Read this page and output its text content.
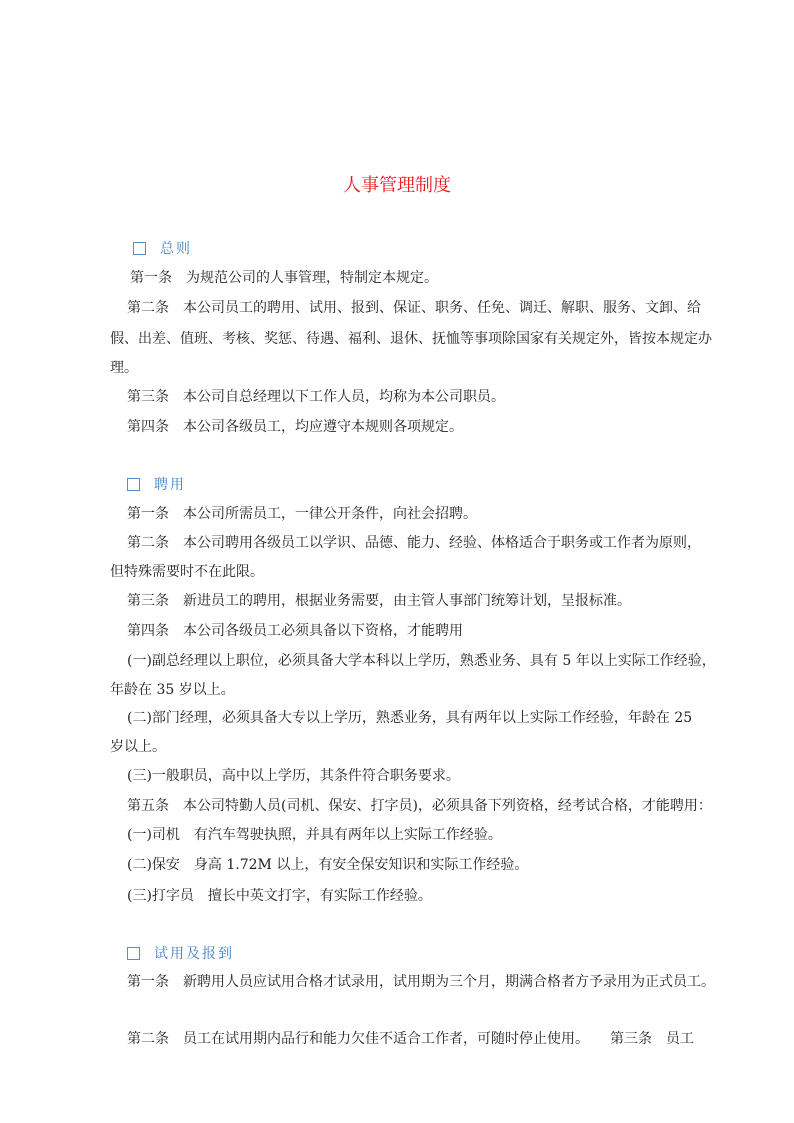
人事管理制度
总则
第一条　为规范公司的人事管理，特制定本规定。
第二条　本公司员工的聘用、试用、报到、保证、职务、任免、调迁、解职、服务、文卸、给
假、出差、值班、考核、奖惩、待遇、福利、退休、抚恤等事项除国家有关规定外，皆按本规定办
理。
第三条　本公司自总经理以下工作人员，均称为本公司职员。
第四条　本公司各级员工，均应遵守本规则各项规定。
聘用
第一条　本公司所需员工，一律公开条件，向社会招聘。
第二条　本公司聘用各级员工以学识、品德、能力、经验、体格适合于职务或工作者为原则，
但特殊需要时不在此限。
第三条　新进员工的聘用，根据业务需要，由主管人事部门统筹计划，呈报标准。
第四条　本公司各级员工必须具备以下资格，才能聘用
(一)副总经理以上职位，必须具备大学本科以上学历，熟悉业务、具有 5 年以上实际工作经验，
年龄在 35 岁以上。
(二)部门经理，必须具备大专以上学历，熟悉业务，具有两年以上实际工作经验，年龄在 25
岁以上。
(三)一般职员，高中以上学历，其条件符合职务要求。
第五条　本公司特勤人员(司机、保安、打字员)，必须具备下列资格，经考试合格，才能聘用：
(一)司机　有汽车驾驶执照，并具有两年以上实际工作经验。
(二)保安　身高 1.72M 以上，有安全保安知识和实际工作经验。
(三)打字员　擅长中英文打字，有实际工作经验。
试用及报到
第一条　新聘用人员应试用合格才试录用，试用期为三个月，期满合格者方予录用为正式员工。
第二条　员工在试用期内品行和能力欠佳不适合工作者，可随时停止使用。　　第三条　员工
